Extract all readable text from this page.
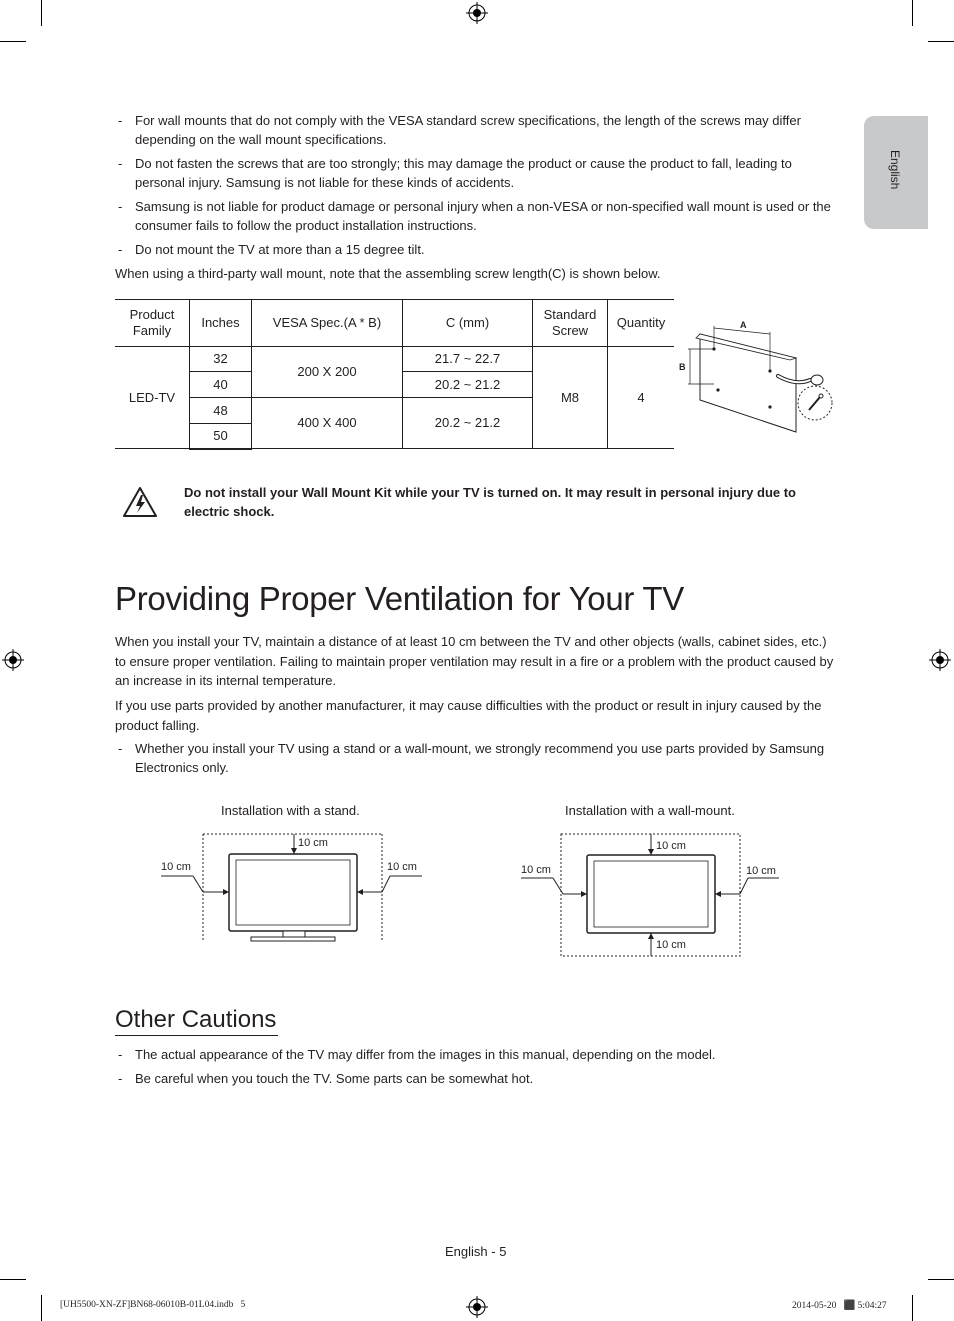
English
- For wall mounts that do not comply with the VESA standard screw specifications, the length of the screws may differ depending on the wall mount specifications.
- Do not fasten the screws that are too strongly; this may damage the product or cause the product to fall, leading to personal injury. Samsung is not liable for these kinds of accidents.
- Samsung is not liable for product damage or personal injury when a non-VESA or non-specified wall mount is used or the consumer fails to follow the product installation instructions.
- Do not mount the TV at more than a 15 degree tilt.

When using a third-party wall mount, note that the assembling screw length(C) is shown below.

Product Family	Inches	VESA Spec.(A * B)	C (mm)	Standard Screw	Quantity
LED-TV	32	200 X 200	21.7 ~ 22.7	M8	4
	40		20.2 ~ 21.2		
	48	400 X 400	20.2 ~ 21.2		
	50				
A
B

Do not install your Wall Mount Kit while your TV is turned on. It may result in personal injury due to electric shock.

Providing Proper Ventilation for Your TV

When you install your TV, maintain a distance of at least 10 cm between the TV and other objects (walls, cabinet sides, etc.) to ensure proper ventilation. Failing to maintain proper ventilation may result in a fire or a problem with the product caused by an increase in its internal temperature.

If you use parts provided by another manufacturer, it may cause difficulties with the product or result in injury caused by the product falling.

- Whether you install your TV using a stand or a wall-mount, we strongly recommend you use parts provided by Samsung Electronics only.
Installation with a stand.	Installation with a wall-mount.
10 cm
10 cm	10 cm
10 cm
10 cm
10 cm	10 cm
Other Cautions
- The actual appearance of the TV may differ from the images in this manual, depending on the model.
- Be careful when you touch the TV. Some parts can be somewhat hot.
English - 5
[UH5500-XN-ZF]BN68-06010B-01L04.indb   5	2014-05-20   ⬛ 5:04:27
